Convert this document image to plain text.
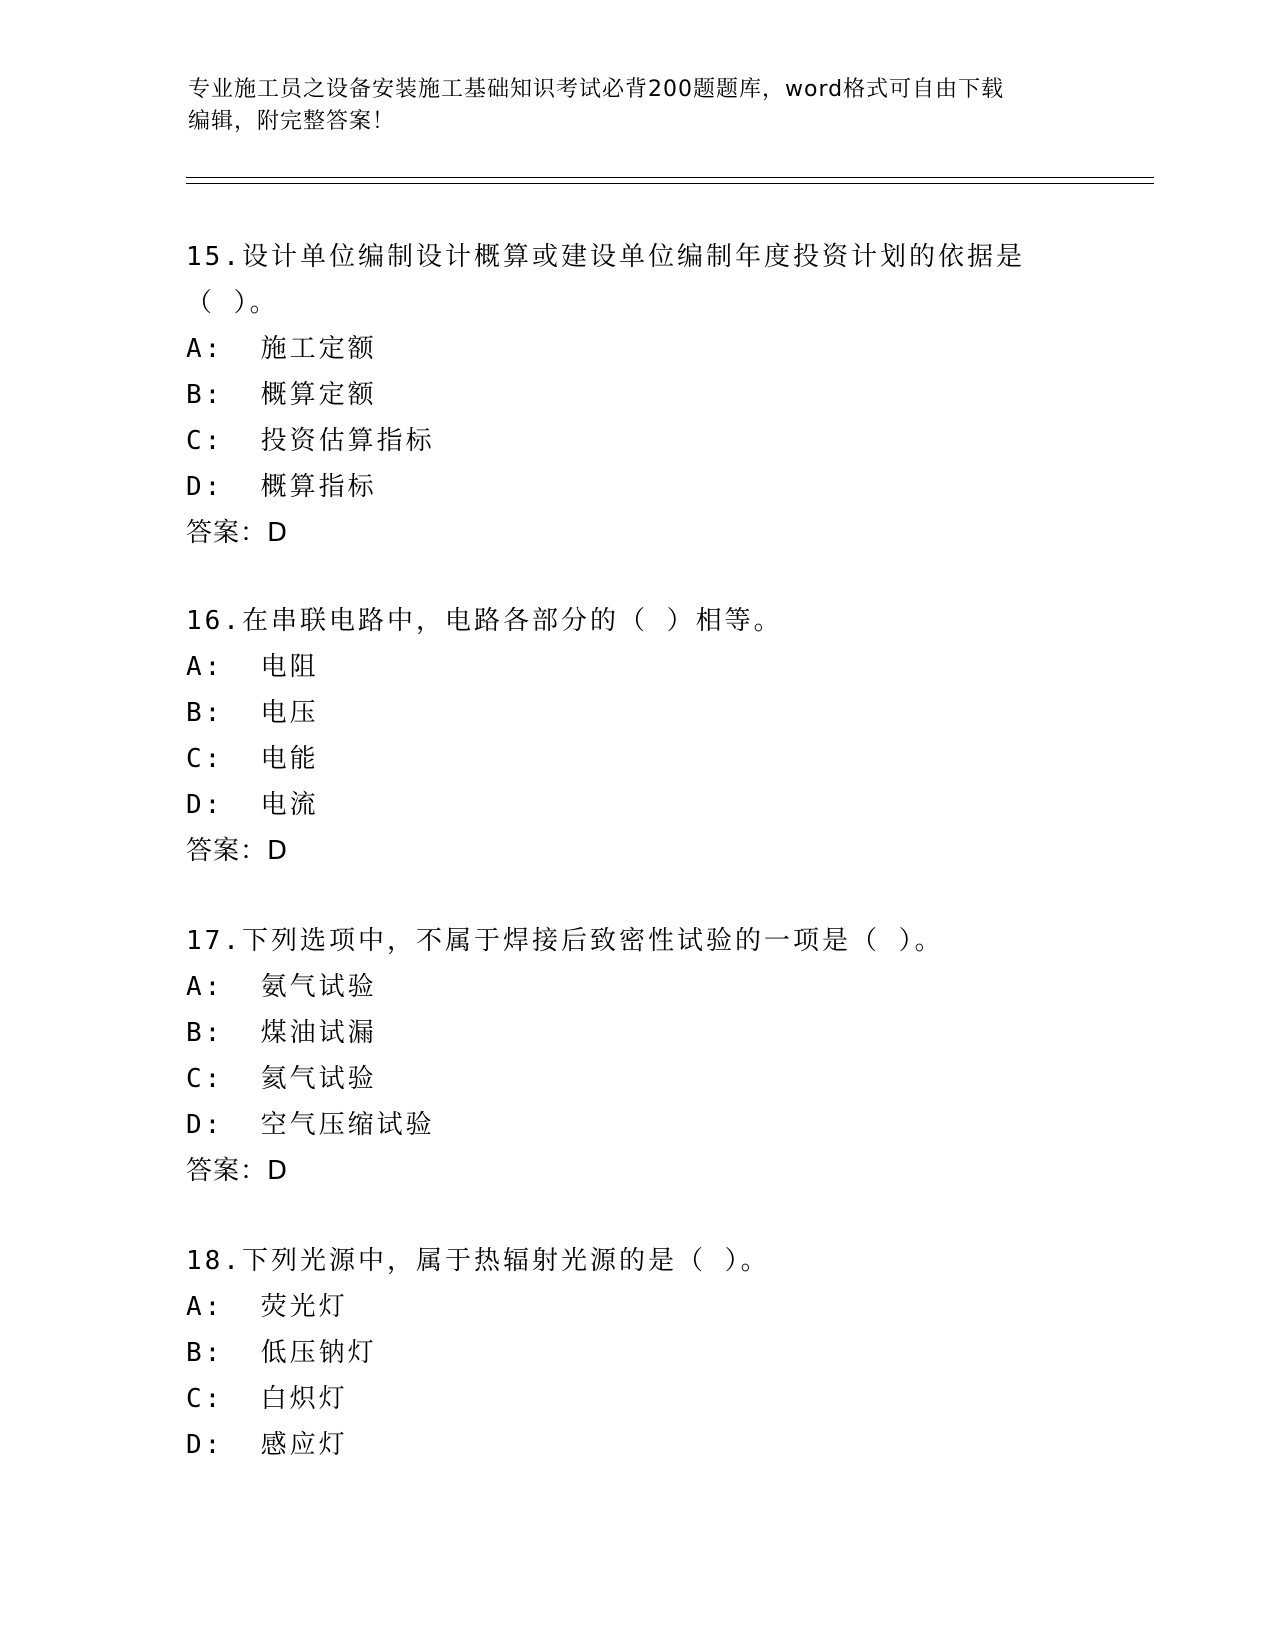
专业施工员之设备安装施工基础知识考试必背200题题库，word格式可自由下载
编辑，附完整答案！

15.设计单位编制设计概算或建设单位编制年度投资计划的依据是（ ）。

A:  施工定额

B:  概算定额

C:  投资估算指标

D:  概算指标

答案：D

16.在串联电路中，电路各部分的（ ）相等。

A:  电阻

B:  电压

C:  电能

D:  电流

答案：D

17.下列选项中，不属于焊接后致密性试验的一项是（ ）。

A:  氨气试验

B:  煤油试漏

C:  氦气试验

D:  空气压缩试验

答案：D

18.下列光源中，属于热辐射光源的是（ ）。

A:  荧光灯

B:  低压钠灯

C:  白炽灯

D:  感应灯
